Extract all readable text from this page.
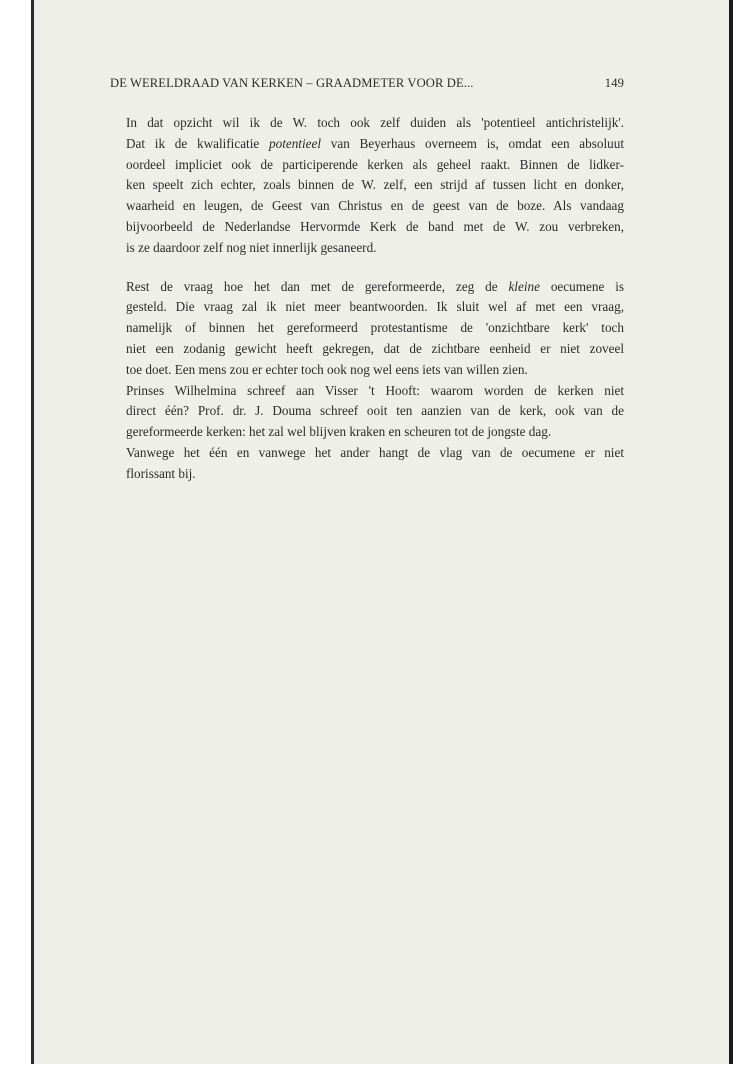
DE WERELDRAAD VAN KERKEN – GRAADMETER VOOR DE...	149

In dat opzicht wil ik de W. toch ook zelf duiden als 'potentieel antichristelijk'.
Dat ik de kwalificatie potentieel van Beyerhaus overneem is, omdat een absoluut
oordeel impliciet ook de participerende kerken als geheel raakt. Binnen de lidker-
ken speelt zich echter, zoals binnen de W. zelf, een strijd af tussen licht en donker,
waarheid en leugen, de Geest van Christus en de geest van de boze. Als vandaag
bijvoorbeeld de Nederlandse Hervormde Kerk de band met de W. zou verbreken,
is ze daardoor zelf nog niet innerlijk gesaneerd.

Rest de vraag hoe het dan met de gereformeerde, zeg de kleine oecumene is
gesteld. Die vraag zal ik niet meer beantwoorden. Ik sluit wel af met een vraag,
namelijk of binnen het gereformeerd protestantisme de 'onzichtbare kerk' toch
niet een zodanig gewicht heeft gekregen, dat de zichtbare eenheid er niet zoveel
toe doet. Een mens zou er echter toch ook nog wel eens iets van willen zien.

Prinses Wilhelmina schreef aan Visser 't Hooft: waarom worden de kerken niet
direct één? Prof. dr. J. Douma schreef ooit ten aanzien van de kerk, ook van de
gereformeerde kerken: het zal wel blijven kraken en scheuren tot de jongste dag.

Vanwege het één en vanwege het ander hangt de vlag van de oecumene er niet
florissant bij.
